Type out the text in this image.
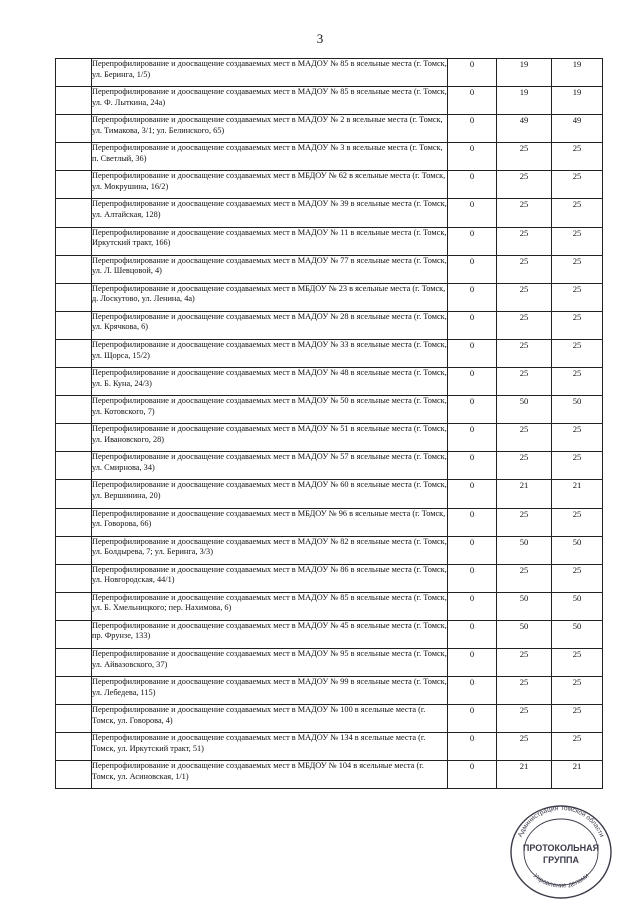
3
	Перепрофилирование и доосващение создаваемых мест в МАДОУ № 85 в ясельные места (г. Томск, ул. Беринга, 1/5)	0	19	19
	Перепрофилирование и доосващение создаваемых мест в МАДОУ № 85 в ясельные места (г. Томск, ул. Ф. Лыткина, 24а)	0	19	19
	Перепрофилирование и доосващение создаваемых мест в МАДОУ № 2 в ясельные места (г. Томск, ул. Тимакова, 3/1; ул. Белинского, 65)	0	49	49
	Перепрофилирование и доосващение создаваемых мест в МАДОУ № 3 в ясельные места (г. Томск, п. Светлый, 36)	0	25	25
	Перепрофилирование и доосващение создаваемых мест в МБДОУ № 62 в ясельные места (г. Томск, ул. Мокрушина, 16/2)	0	25	25
	Перепрофилирование и доосващение создаваемых мест в МАДОУ № 39 в ясельные места (г. Томск, ул. Алтайская, 128)	0	25	25
	Перепрофилирование и доосващение создаваемых мест в МАДОУ № 11 в ясельные места (г. Томск, Иркутский тракт, 166)	0	25	25
	Перепрофилирование и доосващение создаваемых мест в МАДОУ № 77 в ясельные места (г. Томск, ул. Л. Шевцовой, 4)	0	25	25
	Перепрофилирование и доосващение создаваемых мест в МБДОУ № 23 в ясельные места (г. Томск, д. Лоскутово, ул. Ленина, 4а)	0	25	25
	Перепрофилирование и доосващение создаваемых мест в МАДОУ № 28 в ясельные места (г. Томск, ул. Крячкова, 6)	0	25	25
	Перепрофилирование и доосващение создаваемых мест в МАДОУ № 33 в ясельные места (г. Томск, ул. Щорса, 15/2)	0	25	25
	Перепрофилирование и доосващение создаваемых мест в МАДОУ № 48 в ясельные места (г. Томск, ул. Б. Куна, 24/3)	0	25	25
	Перепрофилирование и доосващение создаваемых мест в МАДОУ № 50 в ясельные места (г. Томск, ул. Котовского, 7)	0	50	50
	Перепрофилирование и доосващение создаваемых мест в МАДОУ № 51 в ясельные места (г. Томск, ул. Ивановского, 28)	0	25	25
	Перепрофилирование и доосващение создаваемых мест в МАДОУ № 57 в ясельные места (г. Томск, ул. Смирнова, 34)	0	25	25
	Перепрофилирование и доосващение создаваемых мест в МАДОУ № 60 в ясельные места (г. Томск, ул. Вершинина, 20)	0	21	21
	Перепрофилирование и доосващение создаваемых мест в МБДОУ № 96 в ясельные места (г. Томск, ул. Говорова, 66)	0	25	25
	Перепрофилирование и доосващение создаваемых мест в МАДОУ № 82 в ясельные места (г. Томск, ул. Болдырева, 7; ул. Беринга, 3/3)	0	50	50
	Перепрофилирование и доосващение создаваемых мест в МАДОУ № 86 в ясельные места (г. Томск, ул. Новгородская, 44/1)	0	25	25
	Перепрофилирование и доосващение создаваемых мест в МАДОУ № 85 в ясельные места (г. Томск, ул. Б. Хмельницкого; пер. Нахимова, 6)	0	50	50
	Перепрофилирование и доосващение создаваемых мест в МАДОУ № 45 в ясельные места (г. Томск, пр. Фрунзе, 133)	0	50	50
	Перепрофилирование и доосващение создаваемых мест в МАДОУ № 95 в ясельные места (г. Томск, ул. Айвазовского, 37)	0	25	25
	Перепрофилирование и доосващение создаваемых мест в МАДОУ № 99 в ясельные места (г. Томск, ул. Лебедева, 115)	0	25	25
	Перепрофилирование и доосващение создаваемых мест в МАДОУ № 100 в ясельные места (г. Томск, ул. Говорова, 4)	0	25	25
	Перепрофилирование и доосващение создаваемых мест в МАДОУ № 134 в ясельные места (г. Томск, ул. Иркутский тракт, 51)	0	25	25
	Перепрофилирование и доосващение создаваемых мест в МБДОУ № 104 в ясельные места (г. Томск, ул. Асиновская, 1/1)	0	21	21
Администрация Томской области
Управление делами
ПРОТОКОЛЬНАЯ
ГРУППА
